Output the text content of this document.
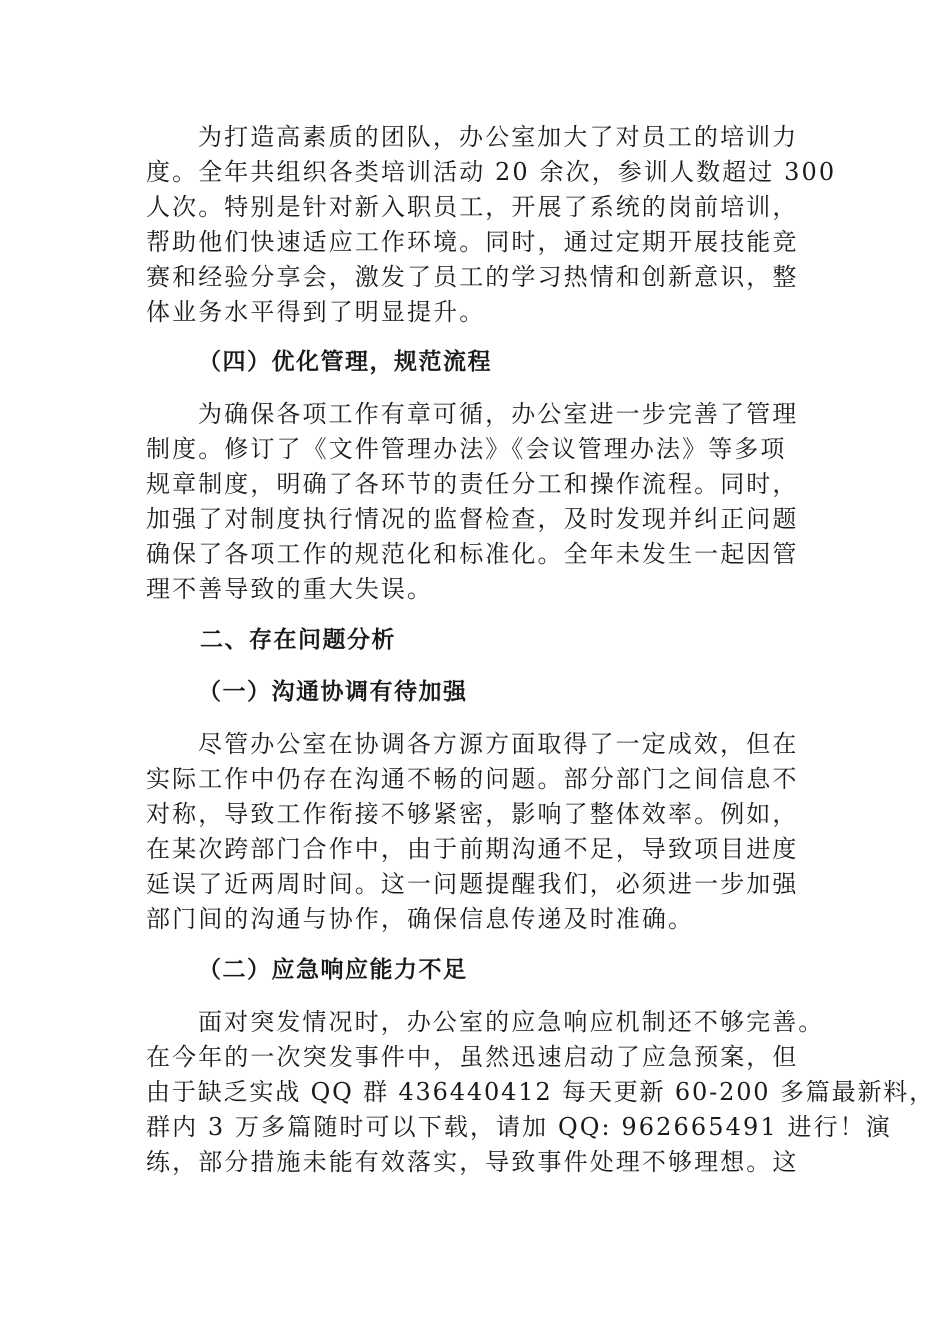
为打造高素质的团队，办公室加大了对员工的培训力
度。全年共组织各类培训活动 20 余次，参训人数超过 300
人次。特别是针对新入职员工，开展了系统的岗前培训，
帮助他们快速适应工作环境。同时，通过定期开展技能竞
赛和经验分享会，激发了员工的学习热情和创新意识，整
体业务水平得到了明显提升。
（四）优化管理，规范流程
为确保各项工作有章可循，办公室进一步完善了管理
制度。修订了《文件管理办法》《会议管理办法》等多项
规章制度，明确了各环节的责任分工和操作流程。同时，
加强了对制度执行情况的监督检查，及时发现并纠正问题
确保了各项工作的规范化和标准化。全年未发生一起因管
理不善导致的重大失误。
二、存在问题分析
（一）沟通协调有待加强
尽管办公室在协调各方源方面取得了一定成效，但在
实际工作中仍存在沟通不畅的问题。部分部门之间信息不
对称，导致工作衔接不够紧密，影响了整体效率。例如，
在某次跨部门合作中，由于前期沟通不足，导致项目进度
延误了近两周时间。这一问题提醒我们，必须进一步加强
部门间的沟通与协作，确保信息传递及时准确。
（二）应急响应能力不足
面对突发情况时，办公室的应急响应机制还不够完善。
在今年的一次突发事件中，虽然迅速启动了应急预案，但
由于缺乏实战 QQ 群 436440412 每天更新 60-200 多篇最新料，
群内 3 万多篇随时可以下载，请加 QQ: 962665491 进行！演
练，部分措施未能有效落实，导致事件处理不够理想。这
